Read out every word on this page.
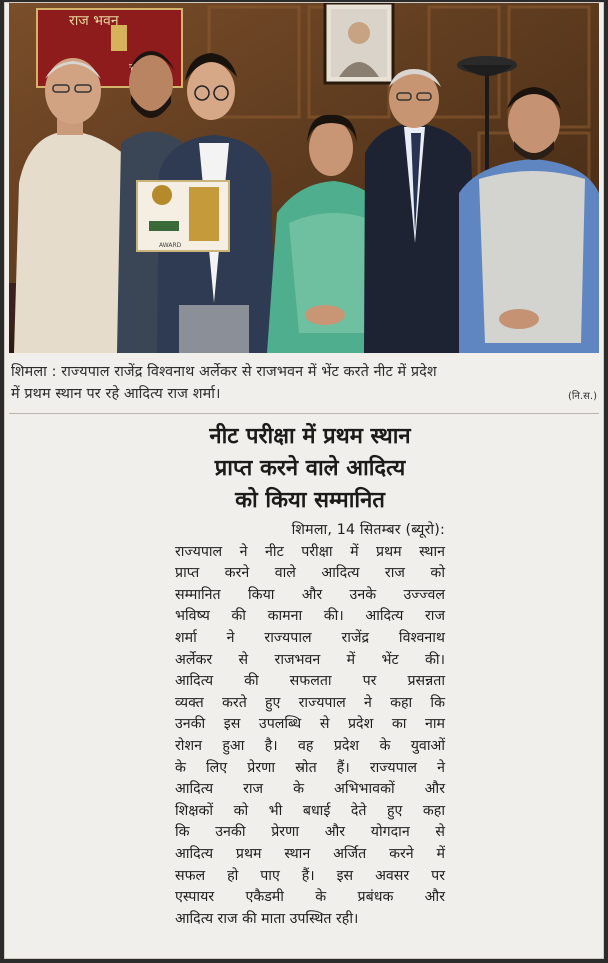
राज भवन
AWARD
शिमला : राज्यपाल राजेंद्र विश्वनाथ अर्लेकर से राजभवन में भेंट करते नीट में प्रदेश
में प्रथम स्थान पर रहे आदित्य राज शर्मा।	(नि.स.)
नीट परीक्षा में प्रथम स्थान
प्राप्त करने वाले आदित्य
को किया सम्मानित
शिमला, 14 सितम्बर (ब्यूरो):
राज्यपाल ने नीट परीक्षा में प्रथम स्थान
प्राप्त करने वाले आदित्य राज को
सम्मानित किया और उनके उज्ज्वल
भविष्य की कामना की। आदित्य राज
शर्मा ने राज्यपाल राजेंद्र विश्वनाथ
अर्लेकर से राजभवन में भेंट की।
आदित्य की सफलता पर प्रसन्नता
व्यक्त करते हुए राज्यपाल ने कहा कि
उनकी इस उपलब्धि से प्रदेश का नाम
रोशन हुआ है। वह प्रदेश के युवाओं
के लिए प्रेरणा स्रोत हैं। राज्यपाल ने
आदित्य राज के अभिभावकों और
शिक्षकों को भी बधाई देते हुए कहा
कि उनकी प्रेरणा और योगदान से
आदित्य प्रथम स्थान अर्जित करने में
सफल हो पाए हैं। इस अवसर पर
एस्पायर एकैडमी के प्रबंधक और
आदित्य राज की माता उपस्थित रही।
